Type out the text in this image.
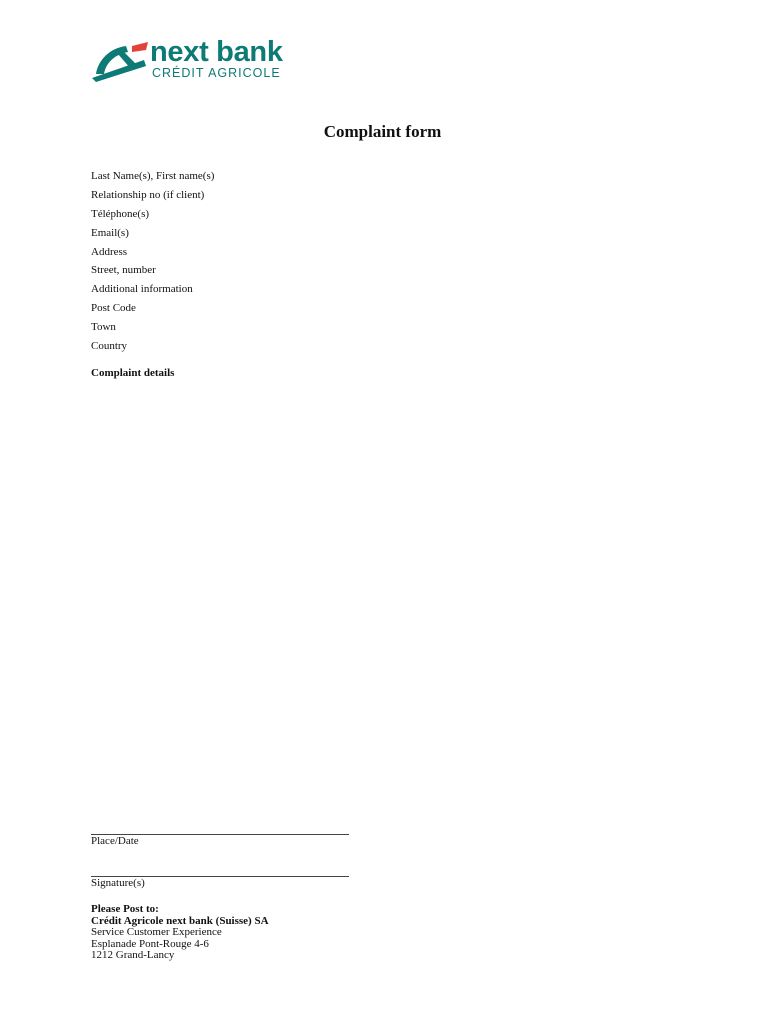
next bank
CRÉDIT AGRICOLE
Complaint form
Last Name(s), First name(s)
Relationship no (if client)
Téléphone(s)
Email(s)
Address
Street, number
Additional information
Post Code
Town
Country
Complaint details
Place/Date
Signature(s)
Please Post to:
Crédit Agricole next bank (Suisse) SA
Service Customer Experience
Esplanade Pont-Rouge 4-6
1212 Grand-Lancy
